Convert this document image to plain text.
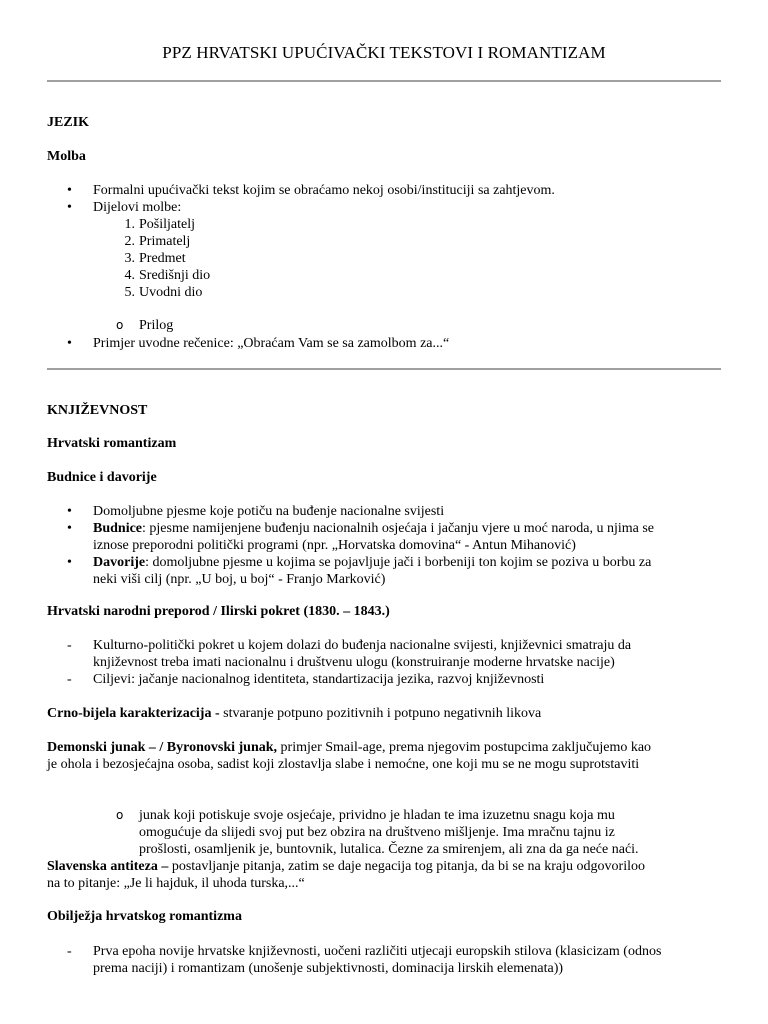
PPZ HRVATSKI UPUĆIVAČKI TEKSTOVI I ROMANTIZAM
JEZIK
Molba
• Formalni upućivački tekst kojim se obraćamo nekoj osobi/instituciji sa zahtjevom.
• Dijelovi molbe:
1. Pošiljatelj
2. Primatelj
3. Predmet
4. Središnji dio
5. Uvodni dio
o Prilog
• Primjer uvodne rečenice: „Obraćam Vam se sa zamolbom za...“
KNJIŽEVNOST
Hrvatski romantizam
Budnice i davorije
• Domoljubne pjesme koje potiču na buđenje nacionalne svijesti
• Budnice: pjesme namijenjene buđenju nacionalnih osjećaja i jačanju vjere u moć naroda, u njima se
iznose preporodni politički programi (npr. „Horvatska domovina“ - Antun Mihanović)
• Davorije: domoljubne pjesme u kojima se pojavljuje jači i borbeniji ton kojim se poziva u borbu za
neki viši cilj (npr. „U boj, u boj“ - Franjo Marković)
Hrvatski narodni preporod / Ilirski pokret (1830. – 1843.)
- Kulturno-politički pokret u kojem dolazi do buđenja nacionalne svijesti, književnici smatraju da
književnost treba imati nacionalnu i društvenu ulogu (konstruiranje moderne hrvatske nacije)
- Ciljevi: jačanje nacionalnog identiteta, standartizacija jezika, razvoj književnosti
Crno-bijela karakterizacija - stvaranje potpuno pozitivnih i potpuno negativnih likova
Demonski junak – / Byronovski junak, primjer Smail-age, prema njegovim postupcima zaključujemo kao
je ohola i bezosjećajna osoba, sadist koji zlostavlja slabe i nemoćne, one koji mu se ne mogu suprotstaviti
o junak koji potiskuje svoje osjećaje, prividno je hladan te ima izuzetnu snagu koja mu
omogućuje da slijedi svoj put bez obzira na društveno mišljenje. Ima mračnu tajnu iz
prošlosti, osamljenik je, buntovnik, lutalica. Čezne za smirenjem, ali zna da ga neće naći.
Slavenska antiteza – postavljanje pitanja, zatim se daje negacija tog pitanja, da bi se na kraju odgovoriloo
na to pitanje: „Je li hajduk, il uhoda turska,...“
Obilježja hrvatskog romantizma
- Prva epoha novije hrvatske književnosti, uočeni različiti utjecaji europskih stilova (klasicizam (odnos
prema naciji) i romantizam (unošenje subjektivnosti, dominacija lirskih elemenata))
